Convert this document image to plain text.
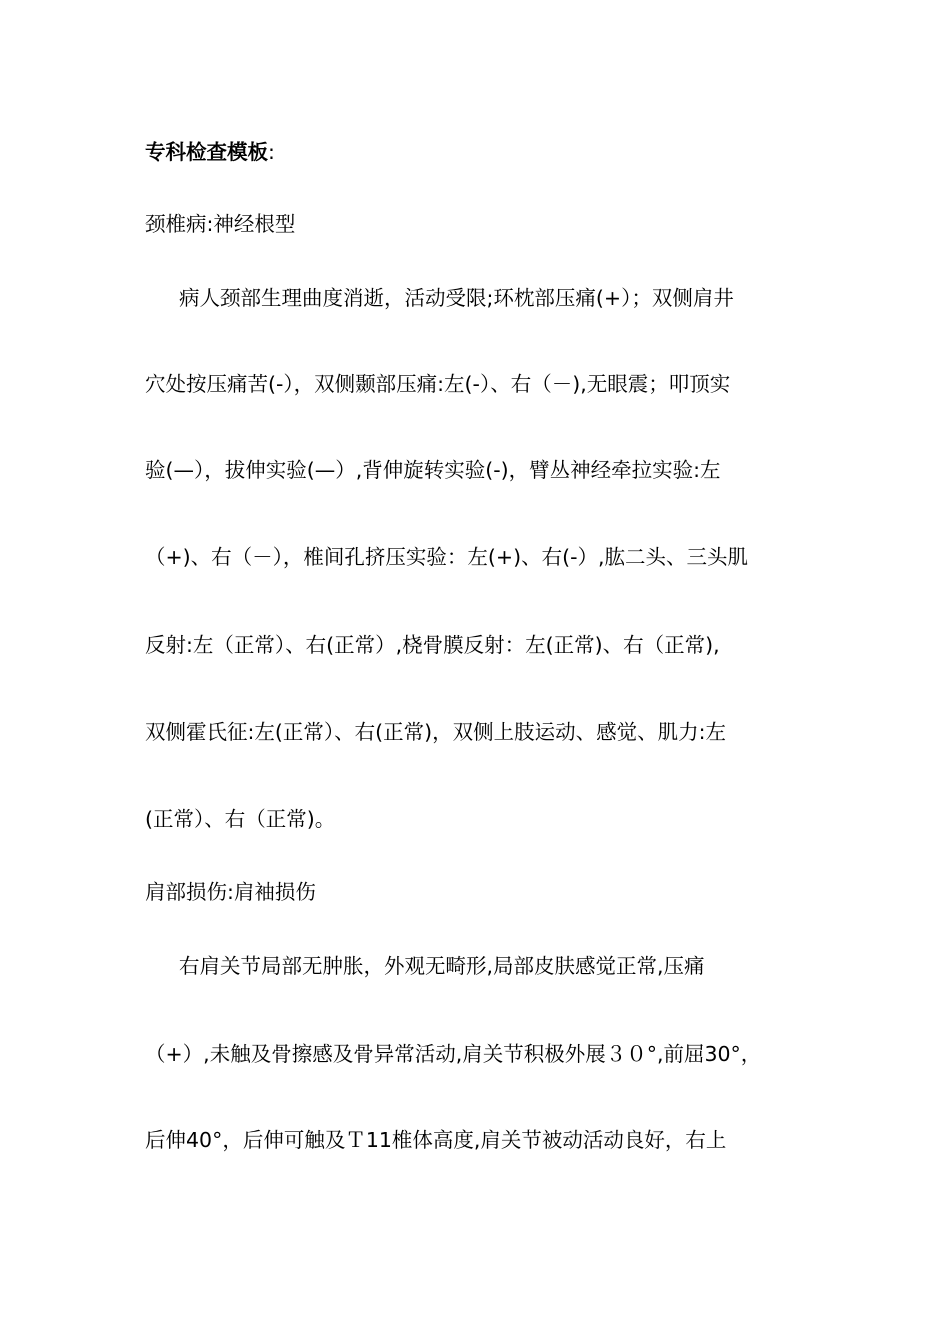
专科检查模板:
颈椎病:神经根型
病人颈部生理曲度消逝，活动受限;环枕部压痛(+）；双侧肩井
穴处按压痛苦(-），双侧颞部压痛:左(-）、右（－),无眼震；叩顶实
验(—），拔伸实验(—）,背伸旋转实验(-)，臂丛神经牵拉实验:左
（+)、右（－），椎间孔挤压实验：左(+)、右(-）,肱二头、三头肌
反射:左（正常）、右(正常）,桡骨膜反射：左(正常)、右（正常),
双侧霍氏征:左(正常）、右(正常)，双侧上肢运动、感觉、肌力:左
(正常）、右（正常)。
肩部损伤:肩袖损伤
右肩关节局部无肿胀，外观无畸形,局部皮肤感觉正常,压痛
（+）,未触及骨擦感及骨异常活动,肩关节积极外展３０°,前屈30°，
后伸40°，后伸可触及Ｔ11椎体高度,肩关节被动活动良好，右上
